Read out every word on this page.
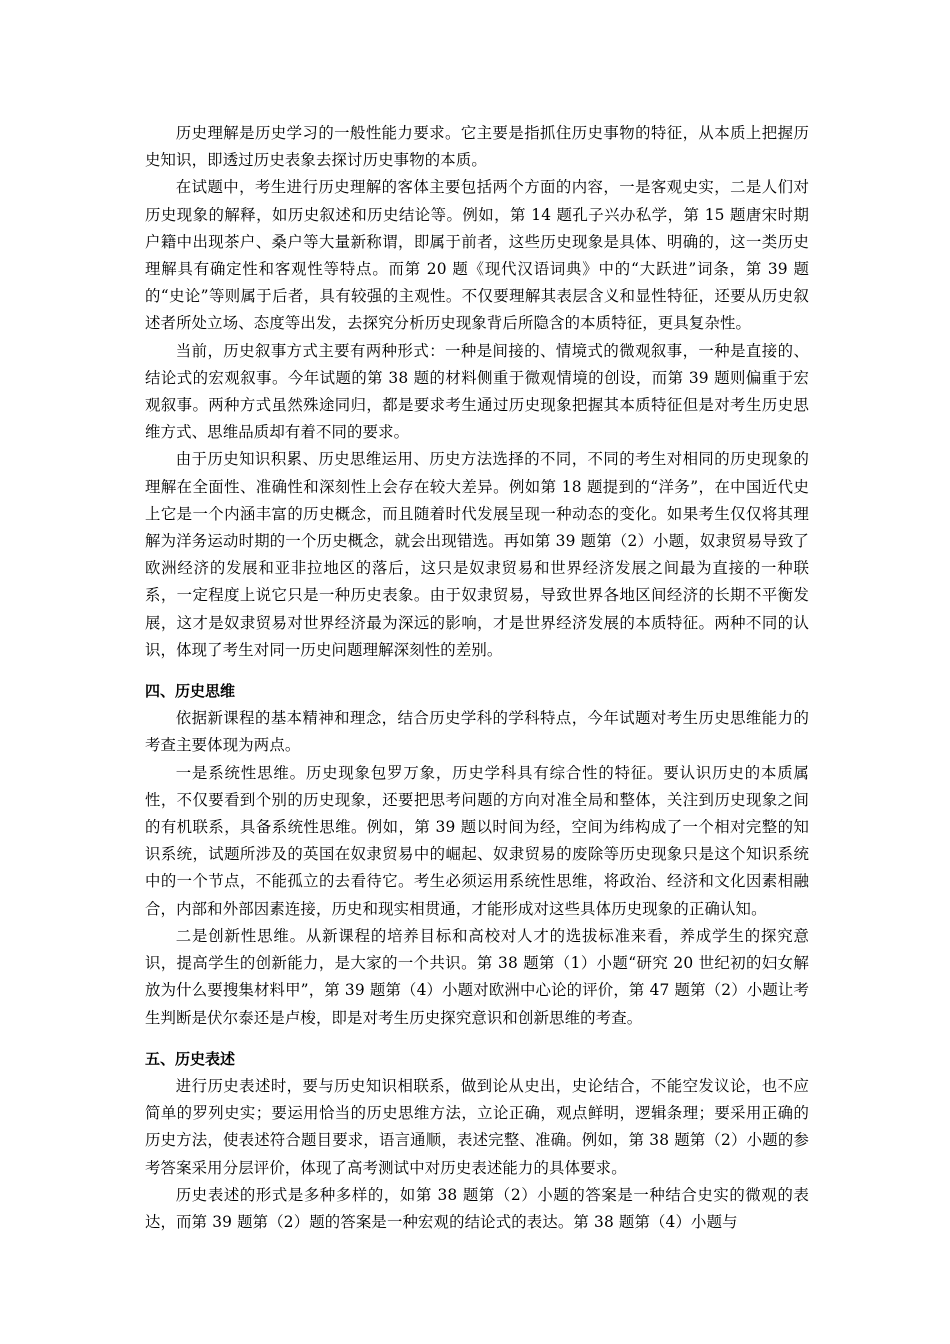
历史理解是历史学习的一般性能力要求。它主要是指抓住历史事物的特征，从本质上把握历史知识，即透过历史表象去探讨历史事物的本质。

在试题中，考生进行历史理解的客体主要包括两个方面的内容，一是客观史实，二是人们对历史现象的解释，如历史叙述和历史结论等。例如，第 14 题孔子兴办私学，第 15 题唐宋时期户籍中出现茶户、桑户等大量新称谓，即属于前者，这些历史现象是具体、明确的，这一类历史理解具有确定性和客观性等特点。而第 20 题《现代汉语词典》中的“大跃进”词条，第 39 题的“史论”等则属于后者，具有较强的主观性。不仅要理解其表层含义和显性特征，还要从历史叙述者所处立场、态度等出发，去探究分析历史现象背后所隐含的本质特征，更具复杂性。

当前，历史叙事方式主要有两种形式：一种是间接的、情境式的微观叙事，一种是直接的、结论式的宏观叙事。今年试题的第 38 题的材料侧重于微观情境的创设，而第 39 题则偏重于宏观叙事。两种方式虽然殊途同归，都是要求考生通过历史现象把握其本质特征但是对考生历史思维方式、思维品质却有着不同的要求。

由于历史知识积累、历史思维运用、历史方法选择的不同，不同的考生对相同的历史现象的理解在全面性、准确性和深刻性上会存在较大差异。例如第 18 题提到的“洋务”，在中国近代史上它是一个内涵丰富的历史概念，而且随着时代发展呈现一种动态的变化。如果考生仅仅将其理解为洋务运动时期的一个历史概念，就会出现错选。再如第 39 题第（2）小题，奴隶贸易导致了欧洲经济的发展和亚非拉地区的落后，这只是奴隶贸易和世界经济发展之间最为直接的一种联系，一定程度上说它只是一种历史表象。由于奴隶贸易，导致世界各地区间经济的长期不平衡发展，这才是奴隶贸易对世界经济最为深远的影响，才是世界经济发展的本质特征。两种不同的认识，体现了考生对同一历史问题理解深刻性的差别。

四、历史思维

依据新课程的基本精神和理念，结合历史学科的学科特点，今年试题对考生历史思维能力的考查主要体现为两点。

一是系统性思维。历史现象包罗万象，历史学科具有综合性的特征。要认识历史的本质属性，不仅要看到个别的历史现象，还要把思考问题的方向对准全局和整体，关注到历史现象之间的有机联系，具备系统性思维。例如，第 39 题以时间为经，空间为纬构成了一个相对完整的知识系统，试题所涉及的英国在奴隶贸易中的崛起、奴隶贸易的废除等历史现象只是这个知识系统中的一个节点，不能孤立的去看待它。考生必须运用系统性思维，将政治、经济和文化因素相融合，内部和外部因素连接，历史和现实相贯通，才能形成对这些具体历史现象的正确认知。

二是创新性思维。从新课程的培养目标和高校对人才的选拔标准来看，养成学生的探究意识，提高学生的创新能力，是大家的一个共识。第 38 题第（1）小题“研究 20 世纪初的妇女解放为什么要搜集材料甲”，第 39 题第（4）小题对欧洲中心论的评价，第 47 题第（2）小题让考生判断是伏尔泰还是卢梭，即是对考生历史探究意识和创新思维的考查。

五、历史表述

进行历史表述时，要与历史知识相联系，做到论从史出，史论结合，不能空发议论，也不应简单的罗列史实；要运用恰当的历史思维方法，立论正确，观点鲜明，逻辑条理；要采用正确的历史方法，使表述符合题目要求，语言通顺，表述完整、准确。例如，第 38 题第（2）小题的参考答案采用分层评价，体现了高考测试中对历史表述能力的具体要求。

历史表述的形式是多种多样的，如第 38 题第（2）小题的答案是一种结合史实的微观的表达，而第 39 题第（2）题的答案是一种宏观的结论式的表达。第 38 题第（4）小题与
